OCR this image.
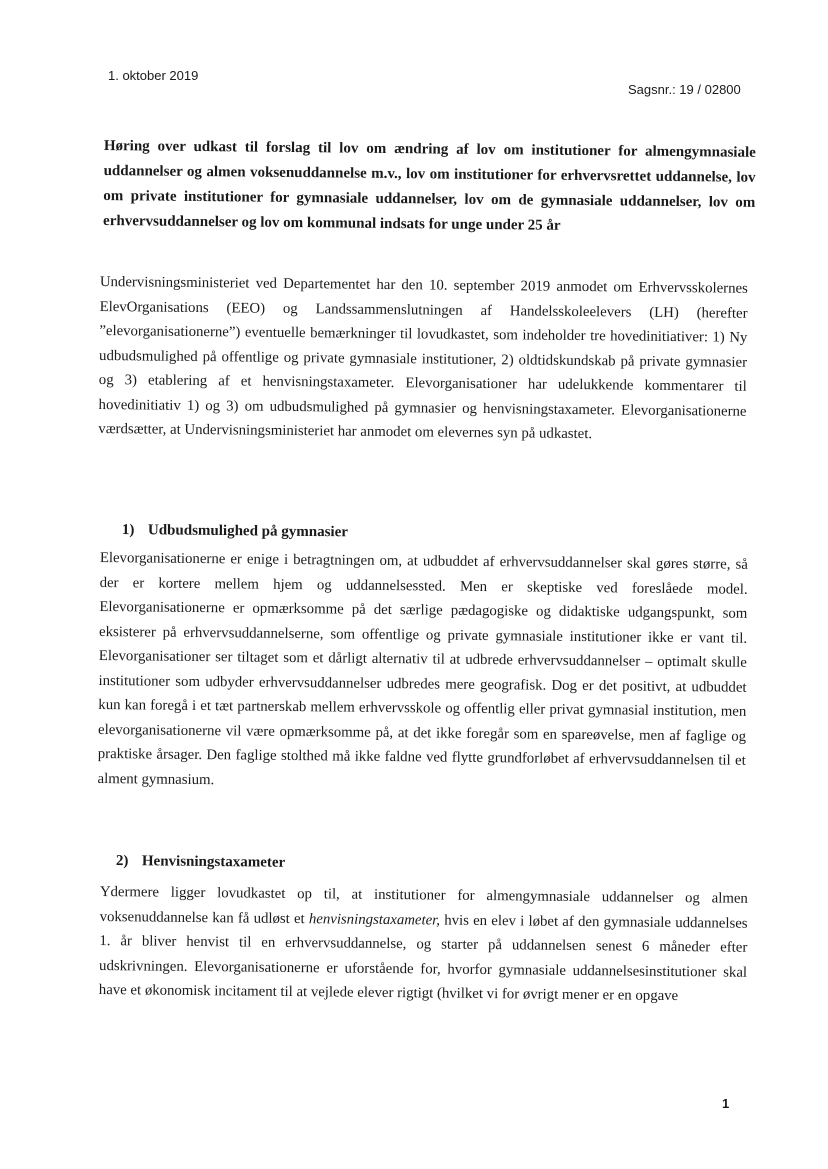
1. oktober 2019
Sagsnr.: 19 / 02800
Høring over udkast til forslag til lov om ændring af lov om institutioner for almengymnasiale uddannelser og almen voksenuddannelse m.v., lov om institutioner for erhvervsrettet uddannelse, lov om private institutioner for gymnasiale uddannelser, lov om de gymnasiale uddannelser, lov om erhvervsuddannelser og lov om kommunal indsats for unge under 25 år
Undervisningsministeriet ved Departementet har den 10. september 2019 anmodet om Erhvervsskolernes ElevOrganisations (EEO) og Landssammenslutningen af Handelsskoleelevers (LH) (herefter ”elevorganisationerne”) eventuelle bemærkninger til lovudkastet, som indeholder tre hovedinitiativer: 1) Ny udbudsmulighed på offentlige og private gymnasiale institutioner, 2) oldtidskundskab på private gymnasier og 3) etablering af et henvisningstaxameter. Elevorganisationer har udelukkende kommentarer til hovedinitiativ 1) og 3) om udbudsmulighed på gymnasier og henvisningstaxameter. Elevorganisationerne værdsætter, at Undervisningsministeriet har anmodet om elevernes syn på udkastet.
1) Udbudsmulighed på gymnasier
Elevorganisationerne er enige i betragtningen om, at udbuddet af erhvervsuddannelser skal gøres større, så der er kortere mellem hjem og uddannelsessted. Men er skeptiske ved foreslåede model. Elevorganisationerne er opmærksomme på det særlige pædagogiske og didaktiske udgangspunkt, som eksisterer på erhvervsuddannelserne, som offentlige og private gymnasiale institutioner ikke er vant til. Elevorganisationer ser tiltaget som et dårligt alternativ til at udbrede erhvervsuddannelser – optimalt skulle institutioner som udbyder erhvervsuddannelser udbredes mere geografisk. Dog er det positivt, at udbuddet kun kan foregå i et tæt partnerskab mellem erhvervsskole og offentlig eller privat gymnasial institution, men elevorganisationerne vil være opmærksomme på, at det ikke foregår som en spareøvelse, men af faglige og praktiske årsager. Den faglige stolthed må ikke faldne ved flytte grundforløbet af erhvervsuddannelsen til et alment gymnasium.
2) Henvisningstaxameter
Ydermere ligger lovudkastet op til, at institutioner for almengymnasiale uddannelser og almen voksenuddannelse kan få udløst et henvisningstaxameter, hvis en elev i løbet af den gymnasiale uddannelses 1. år bliver henvist til en erhvervsuddannelse, og starter på uddannelsen senest 6 måneder efter udskrivningen. Elevorganisationerne er uforstående for, hvorfor gymnasiale uddannelsesinstitutioner skal have et økonomisk incitament til at vejlede elever rigtigt (hvilket vi for øvrigt mener er en opgave
1
